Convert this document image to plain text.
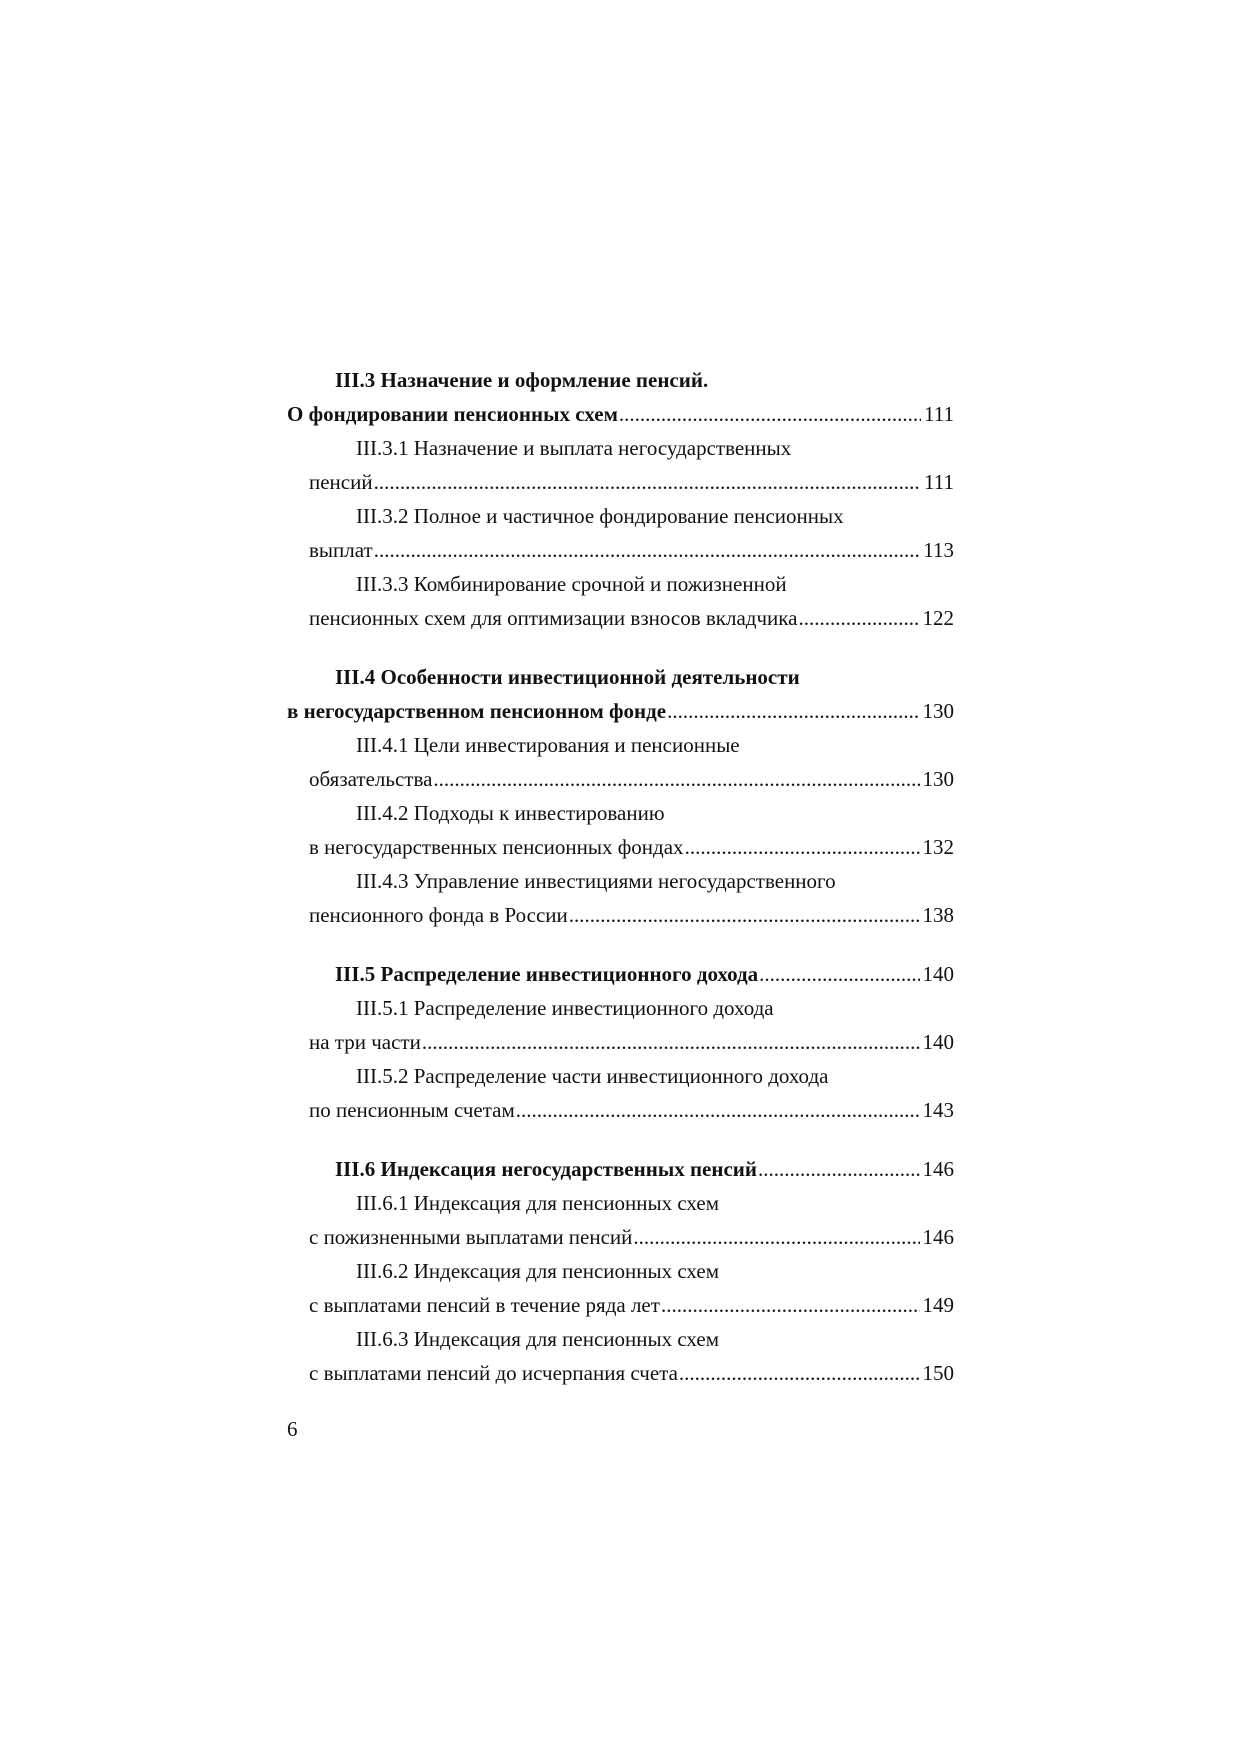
III.3 Назначение и оформление пенсий.
О фондировании пенсионных схем .....	111
III.3.1 Назначение и выплата негосударственных
пенсий .....	111
III.3.2 Полное и частичное фондирование пенсионных
выплат .....	113
III.3.3 Комбинирование срочной и пожизненной
пенсионных схем для оптимизации взносов вкладчика .....	122
III.4 Особенности инвестиционной деятельности
в негосударственном пенсионном фонде .....	130
III.4.1 Цели инвестирования и пенсионные
обязательства .....	130
III.4.2 Подходы к инвестированию
в негосударственных пенсионных фондах .....	132
III.4.3 Управление инвестициями негосударственного
пенсионного фонда в России .....	138
III.5 Распределение инвестиционного дохода .....	140
III.5.1 Распределение инвестиционного дохода
на три части .....	140
III.5.2 Распределение части инвестиционного дохода
по пенсионным счетам .....	143
III.6 Индексация негосударственных пенсий .....	146
III.6.1 Индексация для пенсионных схем
с пожизненными выплатами пенсий .....	146
III.6.2 Индексация для пенсионных схем
с выплатами пенсий в течение ряда лет .....	149
III.6.3 Индексация для пенсионных схем
с выплатами пенсий до исчерпания счета .....	150
6
